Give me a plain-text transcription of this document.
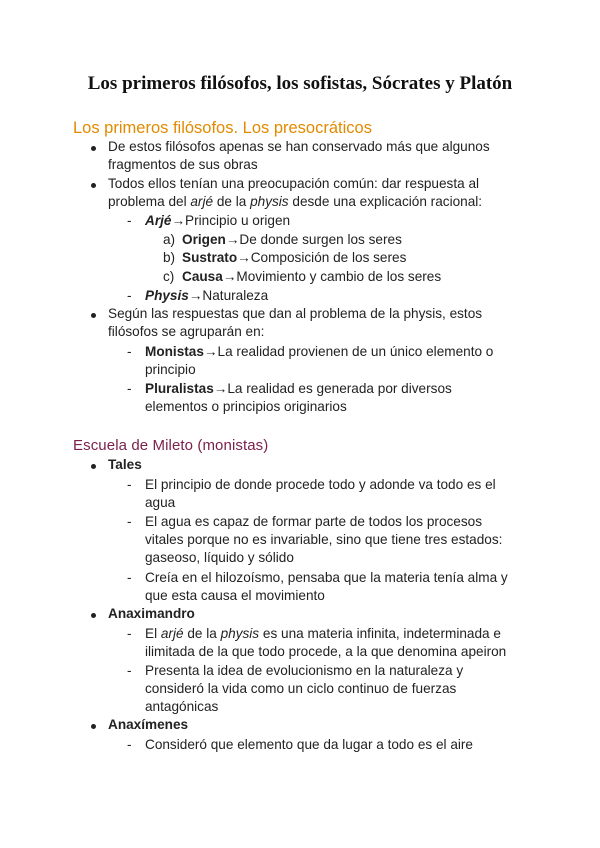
Los primeros filósofos, los sofistas, Sócrates y Platón
Los primeros filósofos. Los presocráticos

De estos filósofos apenas se han conservado más que algunos

fragmentos de sus obras

Todos ellos tenían una preocupación común: dar respuesta al

problema del arjé de la physis desde una explicación racional:

- Arjé→Principio u origen

a) Origen→De donde surgen los seres

b) Sustrato→Composición de los seres

c) Causa→Movimiento y cambio de los seres

- Physis→Naturaleza

Según las respuestas que dan al problema de la physis, estos

filósofos se agruparán en:

- Monistas→La realidad provienen de un único elemento o

principio

- Pluralistas→La realidad es generada por diversos

elementos o principios originarios

Escuela de Mileto (monistas)

Tales

- El principio de donde procede todo y adonde va todo es el

agua

- El agua es capaz de formar parte de todos los procesos

vitales porque no es invariable, sino que tiene tres estados:

gaseoso, líquido y sólido

- Creía en el hilozoísmo, pensaba que la materia tenía alma y

que esta causa el movimiento

Anaximandro

- El arjé de la physis es una materia infinita, indeterminada e

ilimitada de la que todo procede, a la que denomina apeiron

- Presenta la idea de evolucionismo en la naturaleza y

consideró la vida como un ciclo continuo de fuerzas

antagónicas

Anaxímenes

- Consideró que elemento que da lugar a todo es el aire
